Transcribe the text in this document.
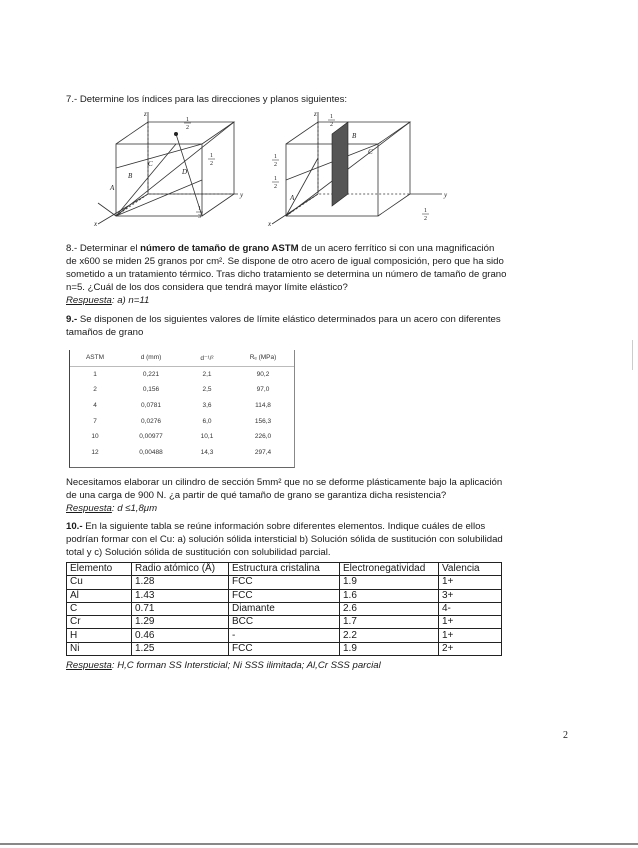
7.- Determine los índices para las direcciones y planos siguientes:
z
x
y
A
B
C
D
1
2
1
3
1
2
z
x
y
A
B
C
1
2
1
2
1
2
1
2
8.- Determinar el número de tamaño de grano ASTM de un acero ferrítico si con una magnificación
de x600 se miden 25 granos por cm². Se dispone de otro acero de igual composición, pero que ha sido
sometido a un tratamiento térmico. Tras dicho tratamiento se determina un número de tamaño de grano
n=5. ¿Cuál de los dos considera que tendrá mayor límite elástico?
Respuesta: a) n=11
9.- Se disponen de los siguientes valores de límite elástico determinados para un acero con diferentes
tamaños de grano
ASTM	d (mm)	d⁻¹/²	Rₑ (MPa)
1	0,221	2,1	90,2
2	0,156	2,5	97,0
4	0,0781	3,6	114,8
7	0,0276	6,0	156,3
10	0,00977	10,1	226,0
12	0,00488	14,3	297,4
Necesitamos elaborar un cilindro de sección 5mm² que no se deforme plásticamente bajo la aplicación
de una carga de 900 N. ¿a partir de qué tamaño de grano se garantiza dicha resistencia?
Respuesta: d ≤1,8μm
10.- En la siguiente tabla se reúne información sobre diferentes elementos. Indique cuáles de ellos
podrían formar con el Cu: a) solución sólida intersticial b) Solución sólida de sustitución con solubilidad
total y c) Solución sólida de sustitución con solubilidad parcial.
Elemento	Radio atómico (Å)	Estructura cristalina	Electronegatividad	Valencia
Cu	1.28	FCC	1.9	1+
Al	1.43	FCC	1.6	3+
C	0.71	Diamante	2.6	4-
Cr	1.29	BCC	1.7	1+
H	0.46	-	2.2	1+
Ni	1.25	FCC	1.9	2+
Respuesta: H,C forman SS Intersticial; Ni SSS ilimitada; Al,Cr SSS parcial
2
